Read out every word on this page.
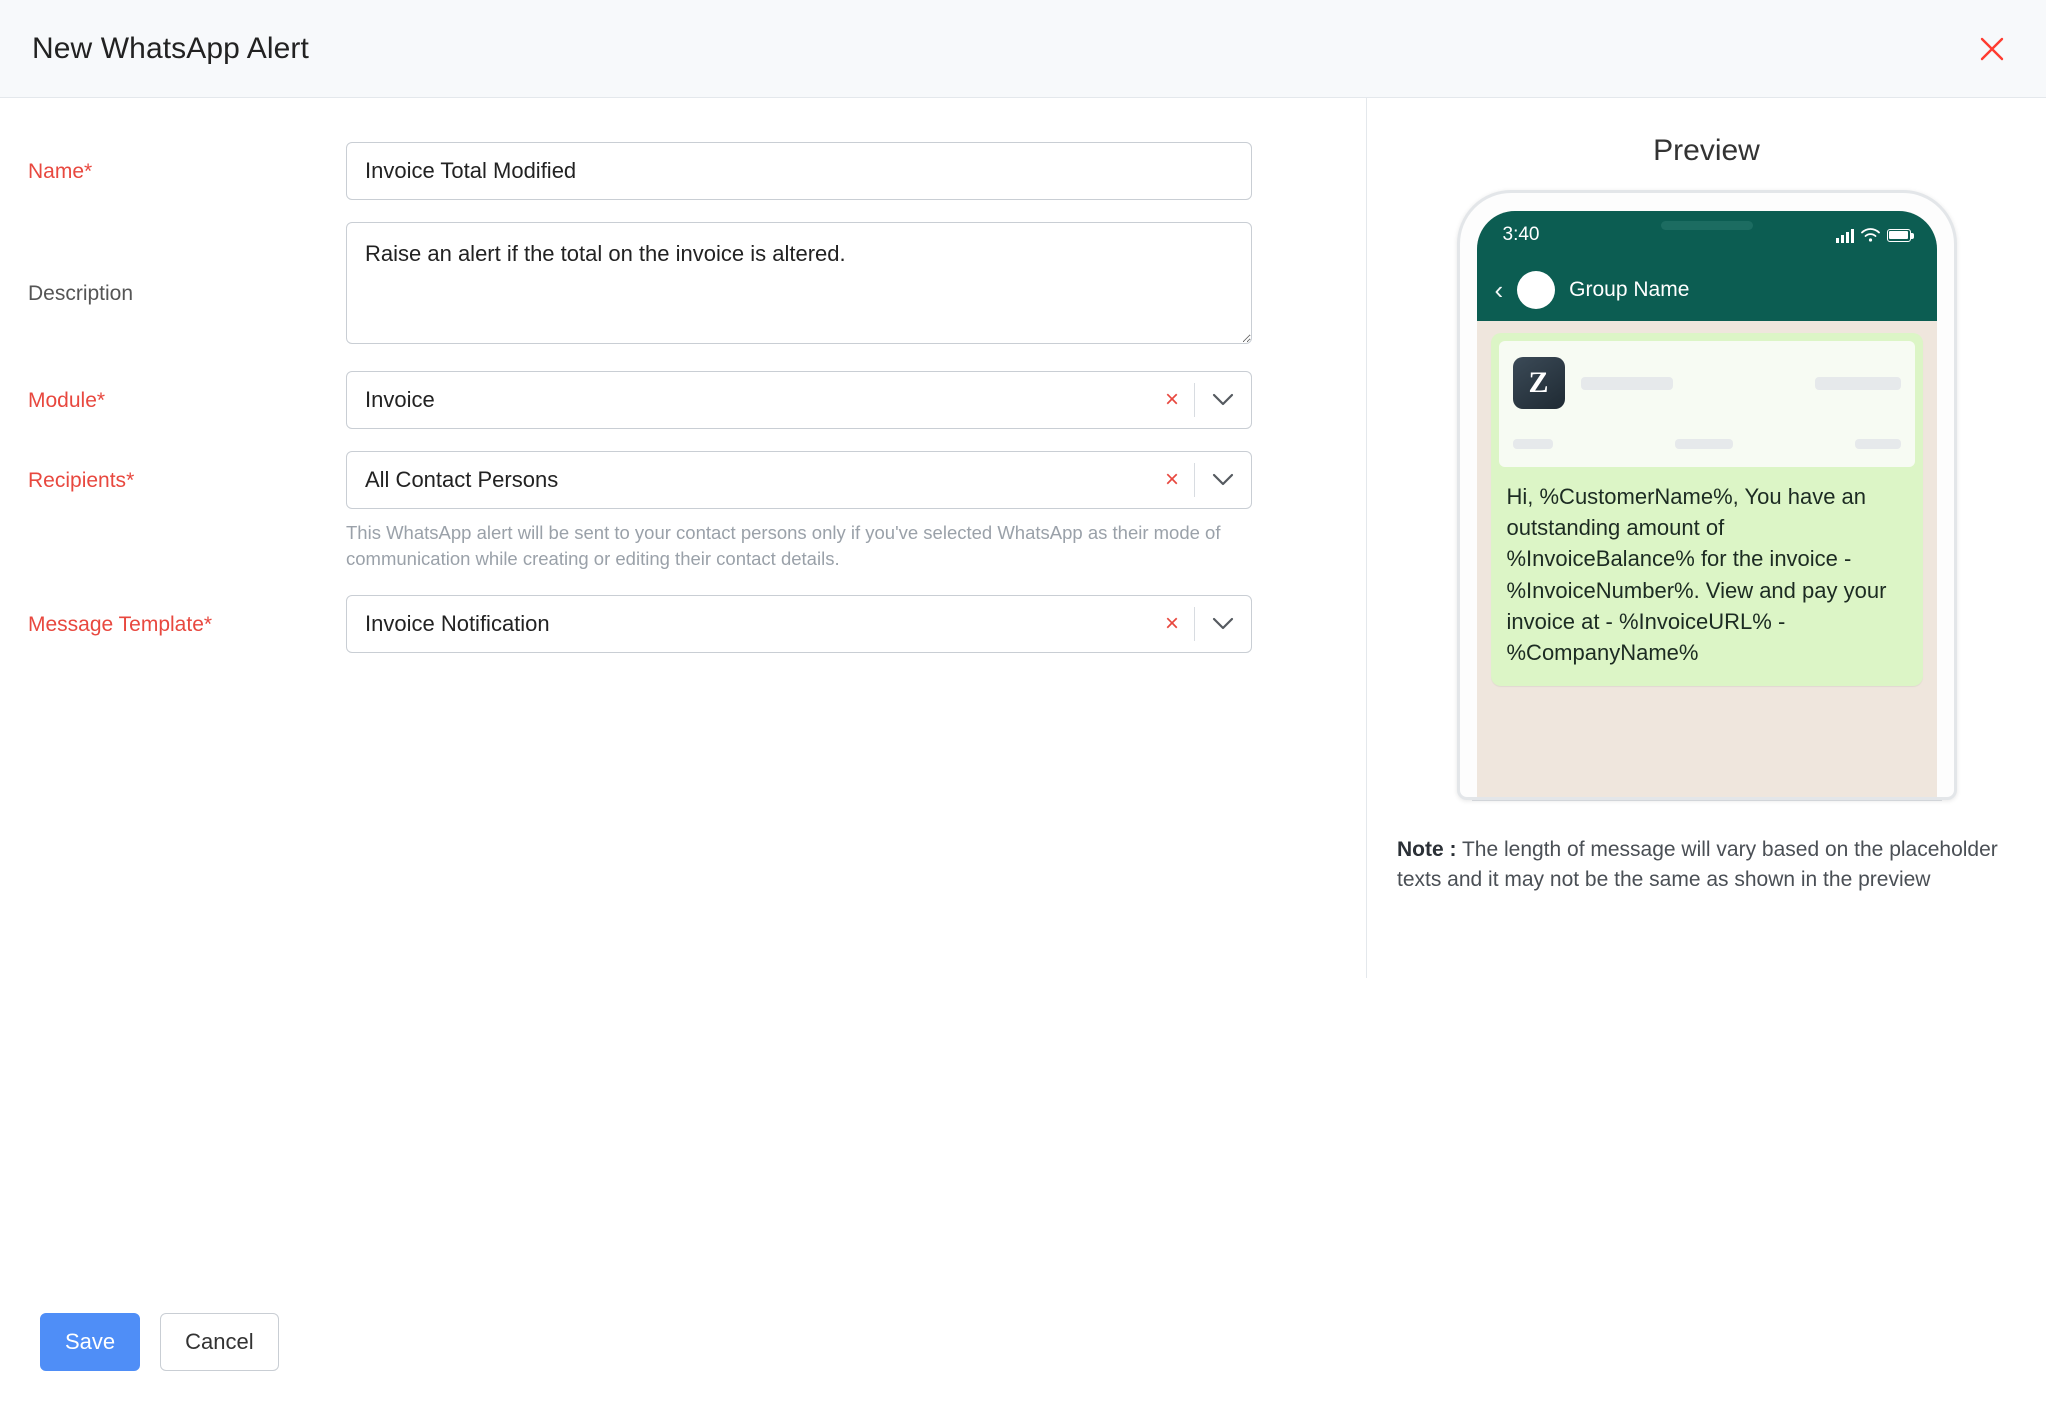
New WhatsApp Alert
Name*
Invoice Total Modified
Description
Raise an alert if the total on the invoice is altered.
Module*	Invoice	×
Recipients*	All Contact Persons	×
This WhatsApp alert will be sent to your contact persons only if you've selected WhatsApp as their mode of communication while creating or editing their contact details.
Message Template*	Invoice Notification	×
Preview
3:40
‹	Group Name
Z
Hi, %CustomerName%, You have an outstanding amount of %InvoiceBalance% for the invoice - %InvoiceNumber%. View and pay your invoice at - %InvoiceURL% - %CompanyName%
Note : The length of message will vary based on the placeholder texts and it may not be the same as shown in the preview
Save	Cancel
